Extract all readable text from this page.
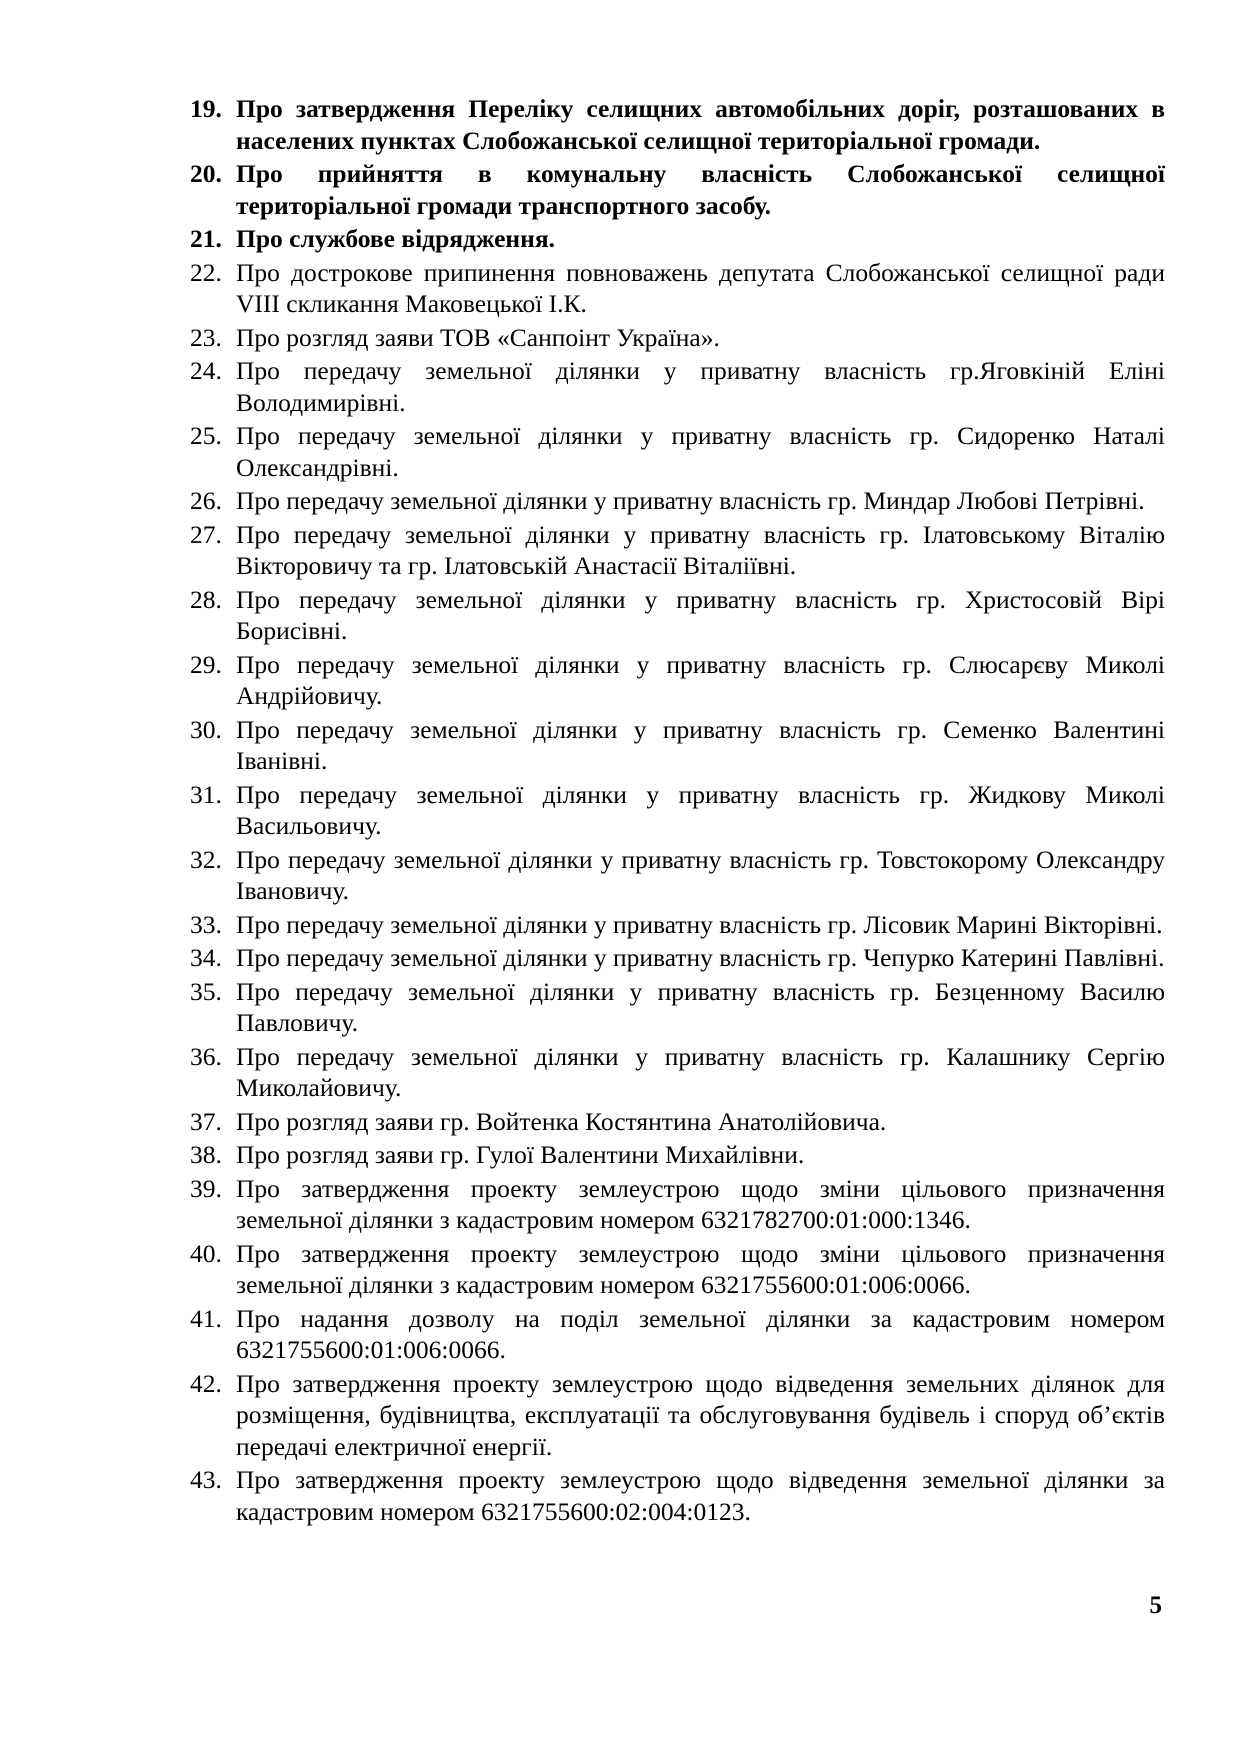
19. Про затвердження Переліку селищних автомобільних доріг, розташованих в населених пунктах Слобожанської селищної територіальної громади.
20. Про прийняття в комунальну власність Слобожанської селищної територіальної громади транспортного засобу.
21. Про службове відрядження.
22. Про дострокове припинення повноважень депутата Слобожанської селищної ради VIII скликання Маковецької І.К.
23. Про розгляд заяви ТОВ «Санпоінт Україна».
24. Про передачу земельної ділянки у приватну власність гр.Яговкіній Еліні Володимирівні.
25. Про передачу земельної ділянки у приватну власність гр. Сидоренко Наталі Олександрівні.
26. Про передачу земельної ділянки у приватну власність гр. Миндар Любові Петрівні.
27. Про передачу земельної ділянки у приватну власність гр. Ілатовському Віталію Вікторовичу та гр. Ілатовській Анастасії Віталіївні.
28. Про передачу земельної ділянки у приватну власність гр. Христосовій Вірі Борисівні.
29. Про передачу земельної ділянки у приватну власність гр. Слюсарєву Миколі Андрійовичу.
30. Про передачу земельної ділянки у приватну власність гр. Семенко Валентині Іванівні.
31. Про передачу земельної ділянки у приватну власність гр. Жидкову Миколі Васильовичу.
32. Про передачу земельної ділянки у приватну власність гр. Товстокорому Олександру Івановичу.
33. Про передачу земельної ділянки у приватну власність гр. Лісовик Марині Вікторівні.
34. Про передачу земельної ділянки у приватну власність гр. Чепурко Катерині Павлівні.
35. Про передачу земельної ділянки у приватну власність гр. Безценному Василю Павловичу.
36. Про передачу земельної ділянки у приватну власність гр. Калашнику Сергію Миколайовичу.
37. Про розгляд заяви гр. Войтенка Костянтина Анатолійовича.
38. Про розгляд заяви гр. Гулої Валентини Михайлівни.
39. Про затвердження проекту землеустрою щодо зміни цільового призначення земельної ділянки з кадастровим номером 6321782700:01:000:1346.
40. Про затвердження проекту землеустрою щодо зміни цільового призначення земельної ділянки з кадастровим номером 6321755600:01:006:0066.
41. Про надання дозволу на поділ земельної ділянки за кадастровим номером 6321755600:01:006:0066.
42. Про затвердження проекту землеустрою щодо відведення земельних ділянок для розміщення, будівництва, експлуатації та обслуговування будівель і споруд об’єктів передачі електричної енергії.
43. Про затвердження проекту землеустрою щодо відведення земельної ділянки за кадастровим номером 6321755600:02:004:0123.
5
